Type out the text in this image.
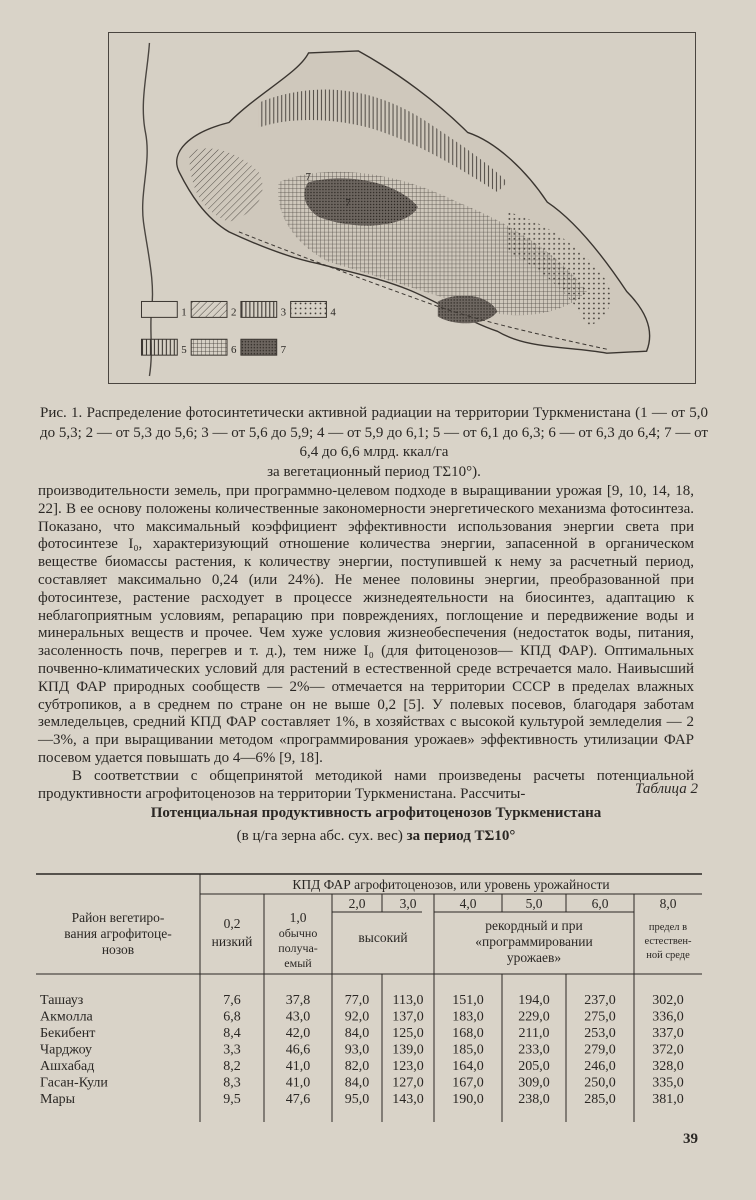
7
7
1	2	3	4
5	6	7
Рис. 1. Распределение фотосинтетически активной радиации на территории Туркменистана (1 — от 5,0 до 5,3; 2 — от 5,3 до 5,6; 3 — от 5,6 до 5,9; 4 — от 5,9 до 6,1; 5 — от 6,1 до 6,3; 6 — от 6,3 до 6,4; 7 — от 6,4 до 6,6 млрд. ккал/га
за вегетационный период TΣ10°).

производительности земель, при программно-целевом подходе в выращивании урожая [9, 10, 14, 18, 22]. В ее основу положены количественные закономерности энергетического механизма фотосинтеза. Показано, что максимальный коэффициент эффективности использования энергии света при фотосинтезе I₀, характеризующий отношение количества энергии, запасенной в органическом веществе биомассы растения, к количеству энергии, поступившей к нему за расчетный период, составляет максимально 0,24 (или 24%). Не менее половины энергии, преобразованной при фотосинтезе, растение расходует в процессе жизнедеятельности на биосинтез, адаптацию к неблагоприятным условиям, репарацию при повреждениях, поглощение и передвижение воды и минеральных веществ и прочее. Чем хуже условия жизнеобеспечения (недостаток воды, питания, засоленность почв, перегрев и т. д.), тем ниже I₀ (для фитоценозов— КПД ФАР). Оптимальных почвенно-климатических условий для растений в естественной среде встречается мало. Наивысший КПД ФАР природных сообществ — 2%— отмечается на территории СССР в пределах влажных субтропиков, а в среднем по стране он не выше 0,2 [5]. У полевых посевов, благодаря заботам земледельцев, средний КПД ФАР составляет 1%, в хозяйствах с высокой культурой земледелия — 2—3%, а при выращивании методом «программирования урожаев» эффективность утилизации ФАР посевом удается повышать до 4—6% [9, 18].

В соответствии с общепринятой методикой нами произведены расчеты потенциальной продуктивности агрофитоценозов на территории Туркменистана. Рассчиты-	Таблица 2
Потенциальная продуктивность агрофитоценозов Туркменистана
(в ц/га зерна абс. сух. вес) за период TΣ10°
КПД ФАР агрофитоценозов, или уровень урожайности
Район вегетиро-
вания агрофитоце-
нозов
0,2
низкий
1,0
обычно
получа-
емый
2,0	3,0
высокий
4,0	5,0	6,0
рекордный и при
«программировании
урожаев»
8,0
предел в
естествен-
ной среде
Ташауз	7,6	37,8 77,0 113,0 151,0 194,0 237,0	302,0
Акмолла	6,8	43,0 92,0 137,0 183,0 229,0 275,0	336,0
Бекибент	8,4	42,0 84,0 125,0 168,0 211,0 253,0	337,0
Чарджоу	3,3	46,6 93,0 139,0 185,0 233,0 279,0	372,0
Ашхабад	8,2	41,0 82,0 123,0 164,0 205,0 246,0	328,0
Гасан-Кули	8,3	41,0 84,0 127,0 167,0 309,0 250,0	335,0
Мары	9,5	47,6 95,0 143,0 190,0 238,0 285,0	381,0
39
